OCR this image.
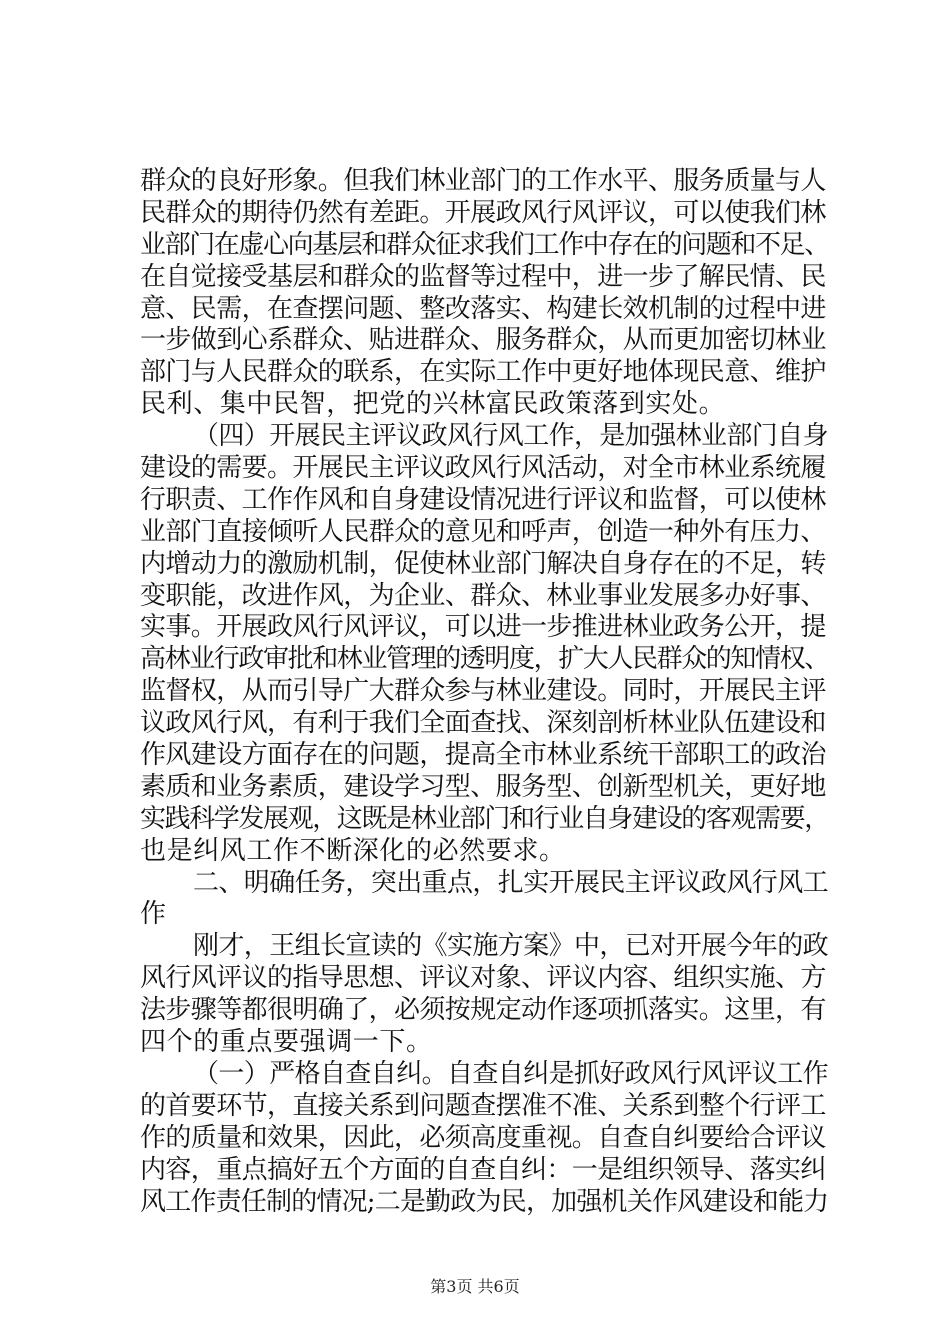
群众的良好形象。但我们林业部门的工作水平、服务质量与人
民群众的期待仍然有差距。开展政风行风评议，可以使我们林
业部门在虚心向基层和群众征求我们工作中存在的问题和不足、
在自觉接受基层和群众的监督等过程中，进一步了解民情、民
意、民需，在查摆问题、整改落实、构建长效机制的过程中进
一步做到心系群众、贴进群众、服务群众，从而更加密切林业
部门与人民群众的联系，在实际工作中更好地体现民意、维护
民利、集中民智，把党的兴林富民政策落到实处。
（四）开展民主评议政风行风工作，是加强林业部门自身
建设的需要。开展民主评议政风行风活动，对全市林业系统履
行职责、工作作风和自身建设情况进行评议和监督，可以使林
业部门直接倾听人民群众的意见和呼声，创造一种外有压力、
内增动力的激励机制，促使林业部门解决自身存在的不足，转
变职能，改进作风，为企业、群众、林业事业发展多办好事、
实事。开展政风行风评议，可以进一步推进林业政务公开，提
高林业行政审批和林业管理的透明度，扩大人民群众的知情权、
监督权，从而引导广大群众参与林业建设。同时，开展民主评
议政风行风，有利于我们全面查找、深刻剖析林业队伍建设和
作风建设方面存在的问题，提高全市林业系统干部职工的政治
素质和业务素质，建设学习型、服务型、创新型机关，更好地
实践科学发展观，这既是林业部门和行业自身建设的客观需要，
也是纠风工作不断深化的必然要求。
二、明确任务，突出重点，扎实开展民主评议政风行风工
作
刚才，王组长宣读的《实施方案》中，已对开展今年的政
风行风评议的指导思想、评议对象、评议内容、组织实施、方
法步骤等都很明确了，必须按规定动作逐项抓落实。这里，有
四个的重点要强调一下。
（一）严格自查自纠。自查自纠是抓好政风行风评议工作
的首要环节，直接关系到问题查摆准不准、关系到整个行评工
作的质量和效果，因此，必须高度重视。自查自纠要给合评议
内容，重点搞好五个方面的自查自纠：一是组织领导、落实纠
风工作责任制的情况;二是勤政为民，加强机关作风建设和能力
第3页 共6页
